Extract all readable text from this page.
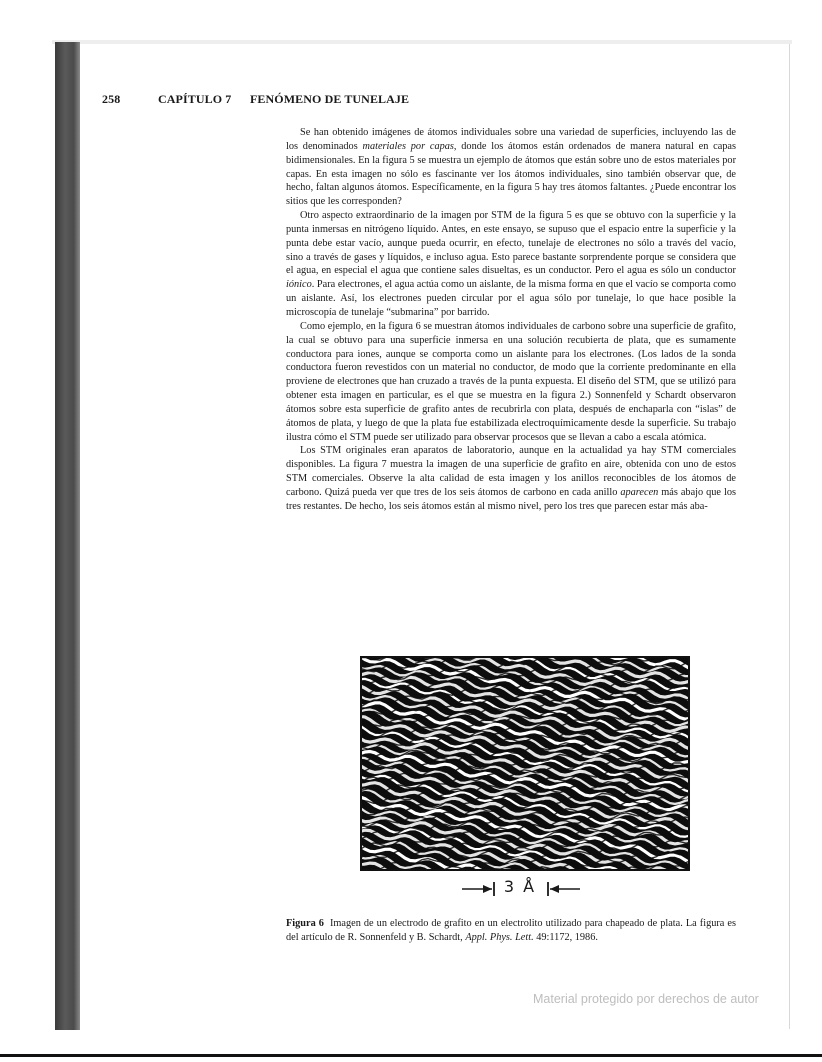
258	CAPÍTULO 7 FENÓMENO DE TUNELAJE

Se han obtenido imágenes de átomos individuales sobre una variedad de superficies, incluyendo las de los denominados materiales por capas, donde los átomos están ordenados de manera natural en capas bidimensionales. En la figura 5 se muestra un ejemplo de átomos que están sobre uno de estos materiales por capas. En esta imagen no sólo es fascinante ver los átomos individuales, sino también observar que, de hecho, faltan algunos átomos. Específicamente, en la figura 5 hay tres átomos faltantes. ¿Puede encontrar los sitios que les corresponden?

Otro aspecto extraordinario de la imagen por STM de la figura 5 es que se obtuvo con la superficie y la punta inmersas en nitrógeno líquido. Antes, en este ensayo, se supuso que el espacio entre la superficie y la punta debe estar vacío, aunque pueda ocurrir, en efecto, tunelaje de electrones no sólo a través del vacío, sino a través de gases y líquidos, e incluso agua. Esto parece bastante sorprendente porque se considera que el agua, en especial el agua que contiene sales disueltas, es un conductor. Pero el agua es sólo un conductor iónico. Para electrones, el agua actúa como un aislante, de la misma forma en que el vacío se comporta como un aislante. Así, los electrones pueden circular por el agua sólo por tunelaje, lo que hace posible la microscopía de tunelaje “submarina” por barrido.

Como ejemplo, en la figura 6 se muestran átomos individuales de carbono sobre una superficie de grafito, la cual se obtuvo para una superficie inmersa en una solución recubierta de plata, que es sumamente conductora para iones, aunque se comporta como un aislante para los electrones. (Los lados de la sonda conductora fueron revestidos con un material no conductor, de modo que la corriente predominante en ella proviene de electrones que han cruzado a través de la punta expuesta. El diseño del STM, que se utilizó para obtener esta imagen en particular, es el que se muestra en la figura 2.) Sonnenfeld y Schardt observaron átomos sobre esta superficie de grafito antes de recubrirla con plata, después de enchaparla con “islas” de átomos de plata, y luego de que la plata fue estabilizada electroquímicamente desde la superficie. Su trabajo ilustra cómo el STM puede ser utilizado para observar procesos que se llevan a cabo a escala atómica.

Los STM originales eran aparatos de laboratorio, aunque en la actualidad ya hay STM comerciales disponibles. La figura 7 muestra la imagen de una superficie de grafito en aire, obtenida con uno de estos STM comerciales. Observe la alta calidad de esta imagen y los anillos reconocibles de los átomos de carbono. Quizá pueda ver que tres de los seis átomos de carbono en cada anillo aparecen más abajo que los tres restantes. De hecho, los seis átomos están al mismo nivel, pero los tres que parecen estar más aba-

3 Å
Figura 6 Imagen de un electrodo de grafito en un electrolito utilizado para chapeado de plata. La figura es del artículo de R. Sonnenfeld y B. Schardt, Appl. Phys. Lett. 49:1172, 1986.
Material protegido por derechos de autor
